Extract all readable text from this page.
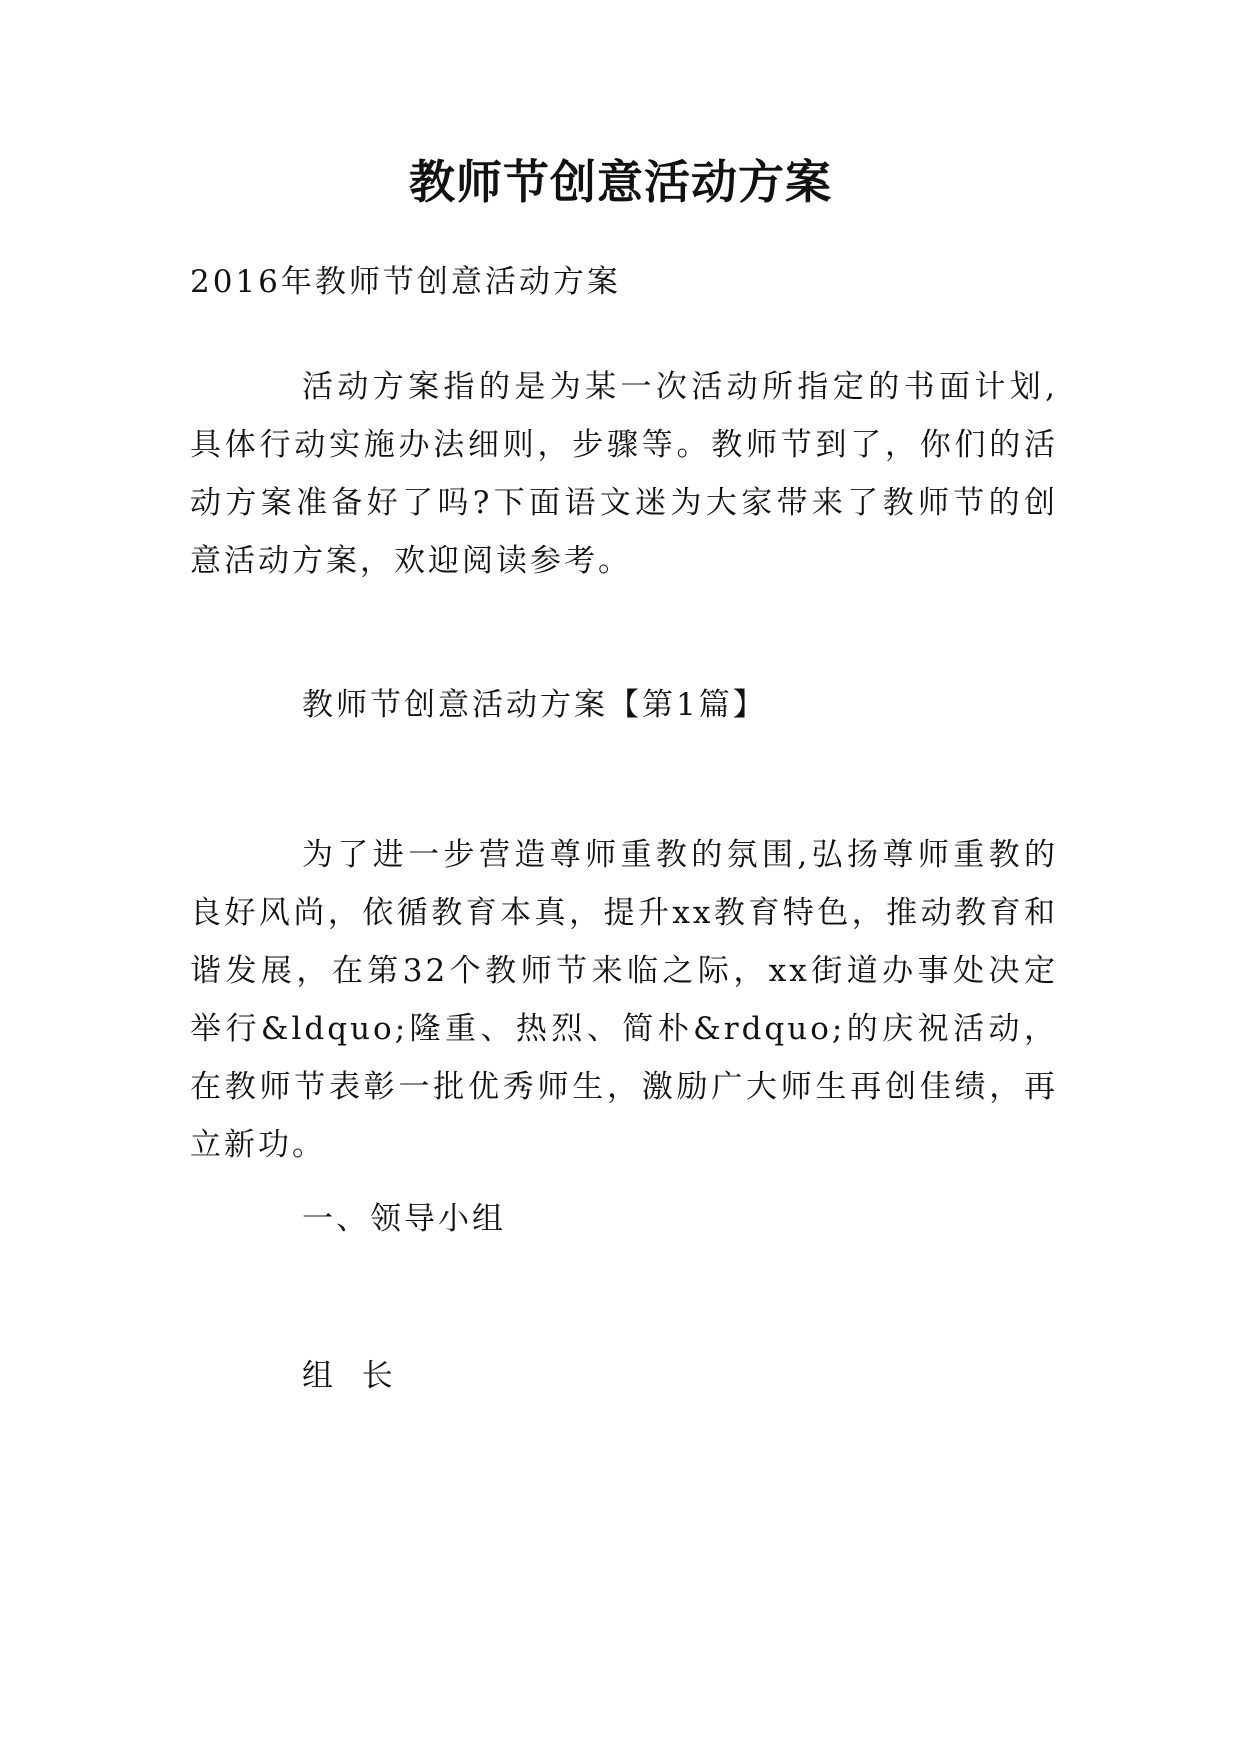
教师节创意活动方案
2016年教师节创意活动方案
活动方案指的是为某一次活动所指定的书面计划,具体行动实施办法细则，步骤等。教师节到了，你们的活动方案准备好了吗?下面语文迷为大家带来了教师节的创意活动方案，欢迎阅读参考。
教师节创意活动方案【第1篇】
为了进一步营造尊师重教的氛围,弘扬尊师重教的良好风尚，依循教育本真，提升xx教育特色，推动教育和谐发展，在第32个教师节来临之际，xx街道办事处决定举行&ldquo;隆重、热烈、简朴&rdquo;的庆祝活动，在教师节表彰一批优秀师生，激励广大师生再创佳绩，再立新功。
一、领导小组
组  长
